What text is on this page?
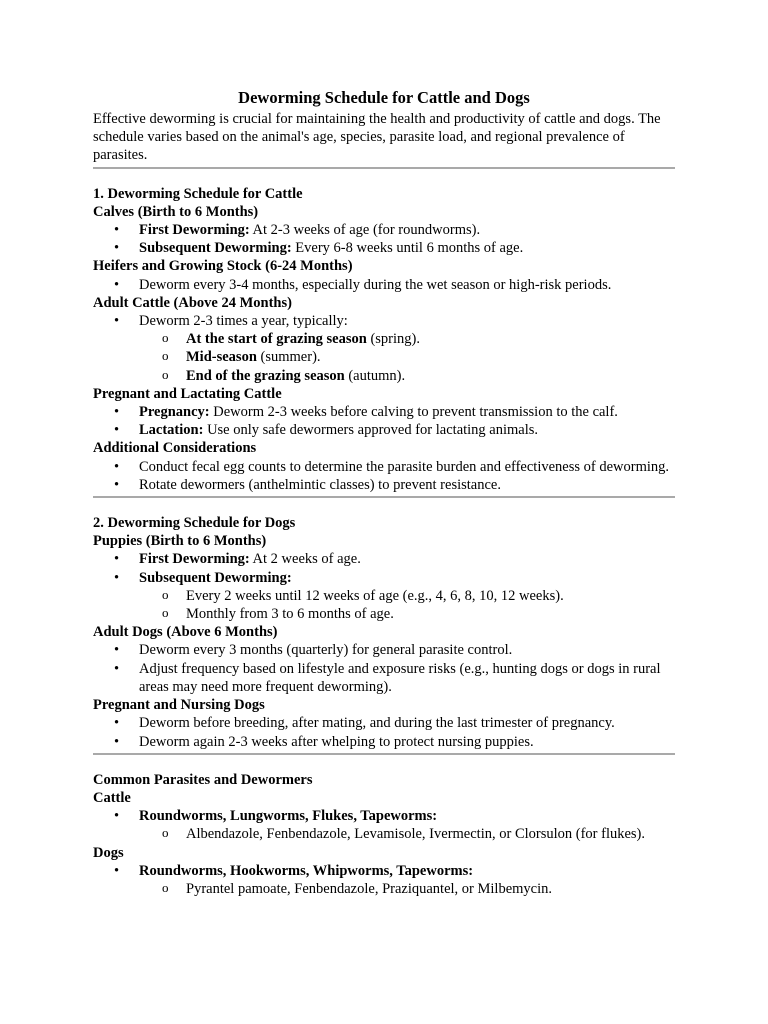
Deworming Schedule for Cattle and Dogs

Effective deworming is crucial for maintaining the health and productivity of cattle and dogs. The schedule varies based on the animal's age, species, parasite load, and regional prevalence of parasites.

1. Deworming Schedule for Cattle
Calves (Birth to 6 Months)
• First Deworming: At 2-3 weeks of age (for roundworms).
• Subsequent Deworming: Every 6-8 weeks until 6 months of age.
Heifers and Growing Stock (6-24 Months)
• Deworm every 3-4 months, especially during the wet season or high-risk periods.
Adult Cattle (Above 24 Months)
• Deworm 2-3 times a year, typically:
o At the start of grazing season (spring).
o Mid-season (summer).
o End of the grazing season (autumn).
Pregnant and Lactating Cattle
• Pregnancy: Deworm 2-3 weeks before calving to prevent transmission to the calf.
• Lactation: Use only safe dewormers approved for lactating animals.
Additional Considerations
• Conduct fecal egg counts to determine the parasite burden and effectiveness of deworming.
• Rotate dewormers (anthelmintic classes) to prevent resistance.
2. Deworming Schedule for Dogs
Puppies (Birth to 6 Months)
• First Deworming: At 2 weeks of age.
• Subsequent Deworming:
o Every 2 weeks until 12 weeks of age (e.g., 4, 6, 8, 10, 12 weeks).
o Monthly from 3 to 6 months of age.
Adult Dogs (Above 6 Months)
• Deworm every 3 months (quarterly) for general parasite control.
• Adjust frequency based on lifestyle and exposure risks (e.g., hunting dogs or dogs in rural areas may need more frequent deworming).
Pregnant and Nursing Dogs
• Deworm before breeding, after mating, and during the last trimester of pregnancy.
• Deworm again 2-3 weeks after whelping to protect nursing puppies.
Common Parasites and Dewormers
Cattle
• Roundworms, Lungworms, Flukes, Tapeworms:
o Albendazole, Fenbendazole, Levamisole, Ivermectin, or Clorsulon (for flukes).
Dogs
• Roundworms, Hookworms, Whipworms, Tapeworms:
o Pyrantel pamoate, Fenbendazole, Praziquantel, or Milbemycin.
